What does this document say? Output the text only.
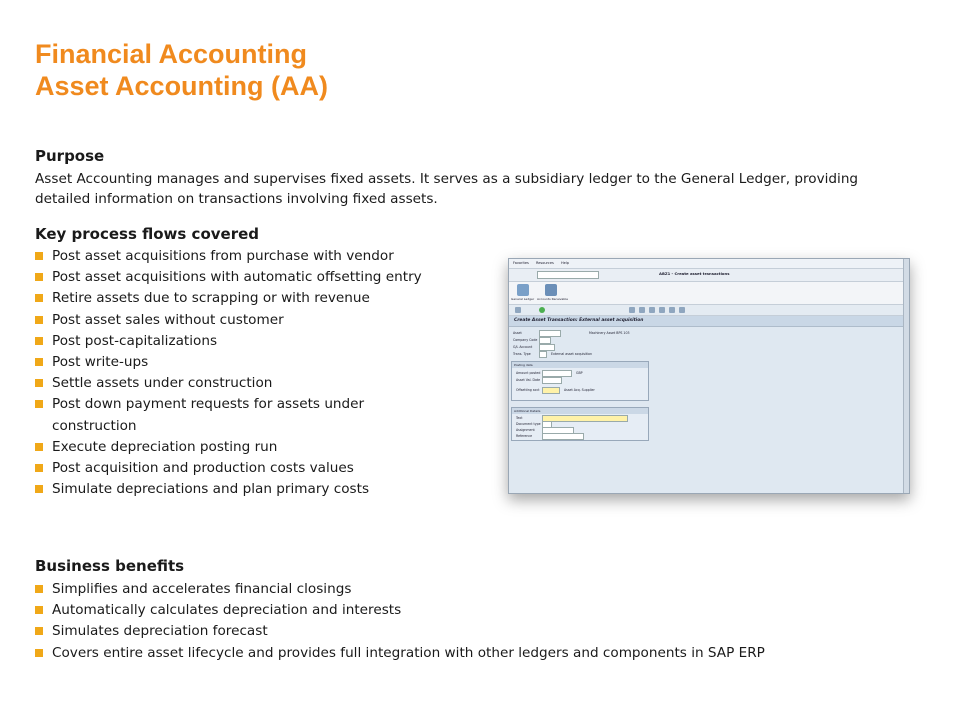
Financial Accounting
Asset Accounting (AA)
Purpose

Asset Accounting manages and supervises fixed assets. It serves as a subsidiary ledger to the General Ledger, providing detailed information on transactions involving fixed assets.

Key process flows covered
Post asset acquisitions from purchase with vendor
Post asset acquisitions with automatic offsetting entry
Retire assets due to scrapping or with revenue
Post asset sales without customer
Post post-capitalizations
Post write-ups
Settle assets under construction
Post down payment requests for assets under construction
Execute depreciation posting run
Post acquisition and production costs values
Simulate depreciations and plan primary costs
Favorites Resources Help
ABZ1 - Create asset transactions
General Ledger Accounts Receivable
Create Asset Transaction: External asset acquisition
Asset	Machinery Asset BPS 103
Company Code
G/L Account
Trans. Type	External asset acquisition
Posting data
Amount posted	GBP
Asset Val. Date
Offsetting acct	Asset Acq. Supplier
Additional Details
Text
Document type
Assignment
Reference
Business benefits
Simplifies and accelerates financial closings
Automatically calculates depreciation and interests
Simulates depreciation forecast
Covers entire asset lifecycle and provides full integration with other ledgers and components in SAP ERP
